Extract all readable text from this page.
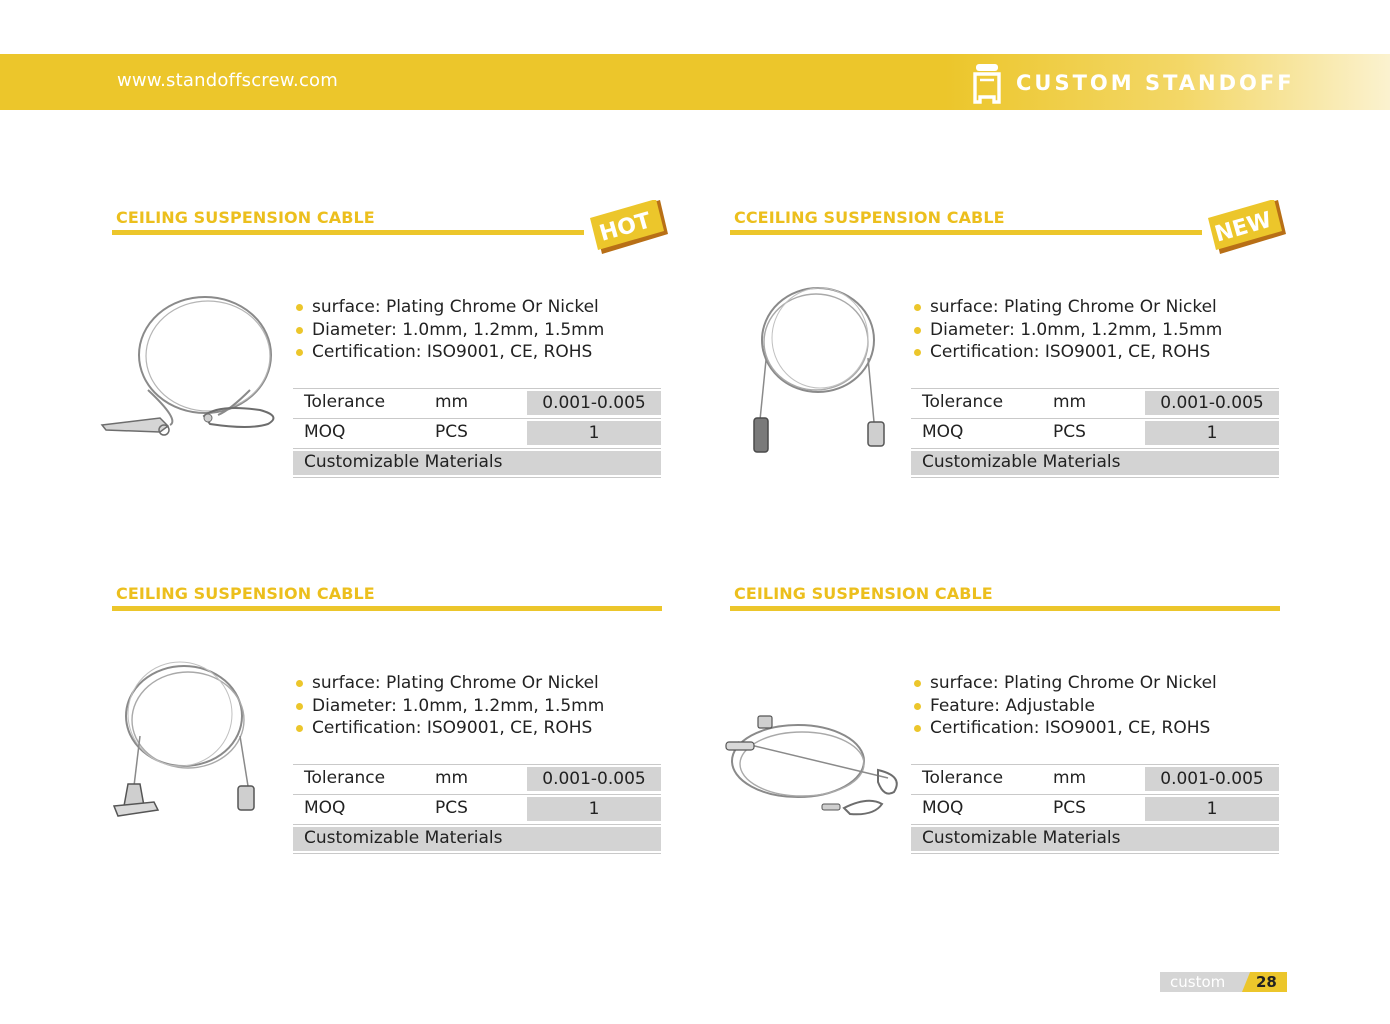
www.standoffscrew.com	CUSTOM STANDOFF
CEILING SUSPENSION CABLE	HOT
surface: Plating Chrome Or Nickel
Diameter: 1.0mm, 1.2mm, 1.5mm
Certification: ISO9001, CE, ROHS
Tolerance	mm	0.001-0.005
MOQ	PCS	1
Customizable Materials
CCEILING SUSPENSION CABLE	NEW
surface: Plating Chrome Or Nickel
Diameter: 1.0mm, 1.2mm, 1.5mm
Certification: ISO9001, CE, ROHS
Tolerance	mm	0.001-0.005
MOQ	PCS	1
Customizable Materials
CEILING SUSPENSION CABLE
surface: Plating Chrome Or Nickel
Diameter: 1.0mm, 1.2mm, 1.5mm
Certification: ISO9001, CE, ROHS
Tolerance	mm	0.001-0.005
MOQ	PCS	1
Customizable Materials
CEILING SUSPENSION CABLE
surface: Plating Chrome Or Nickel
Feature: Adjustable
Certification: ISO9001, CE, ROHS
Tolerance	mm	0.001-0.005
MOQ	PCS	1
Customizable Materials
custom 28
